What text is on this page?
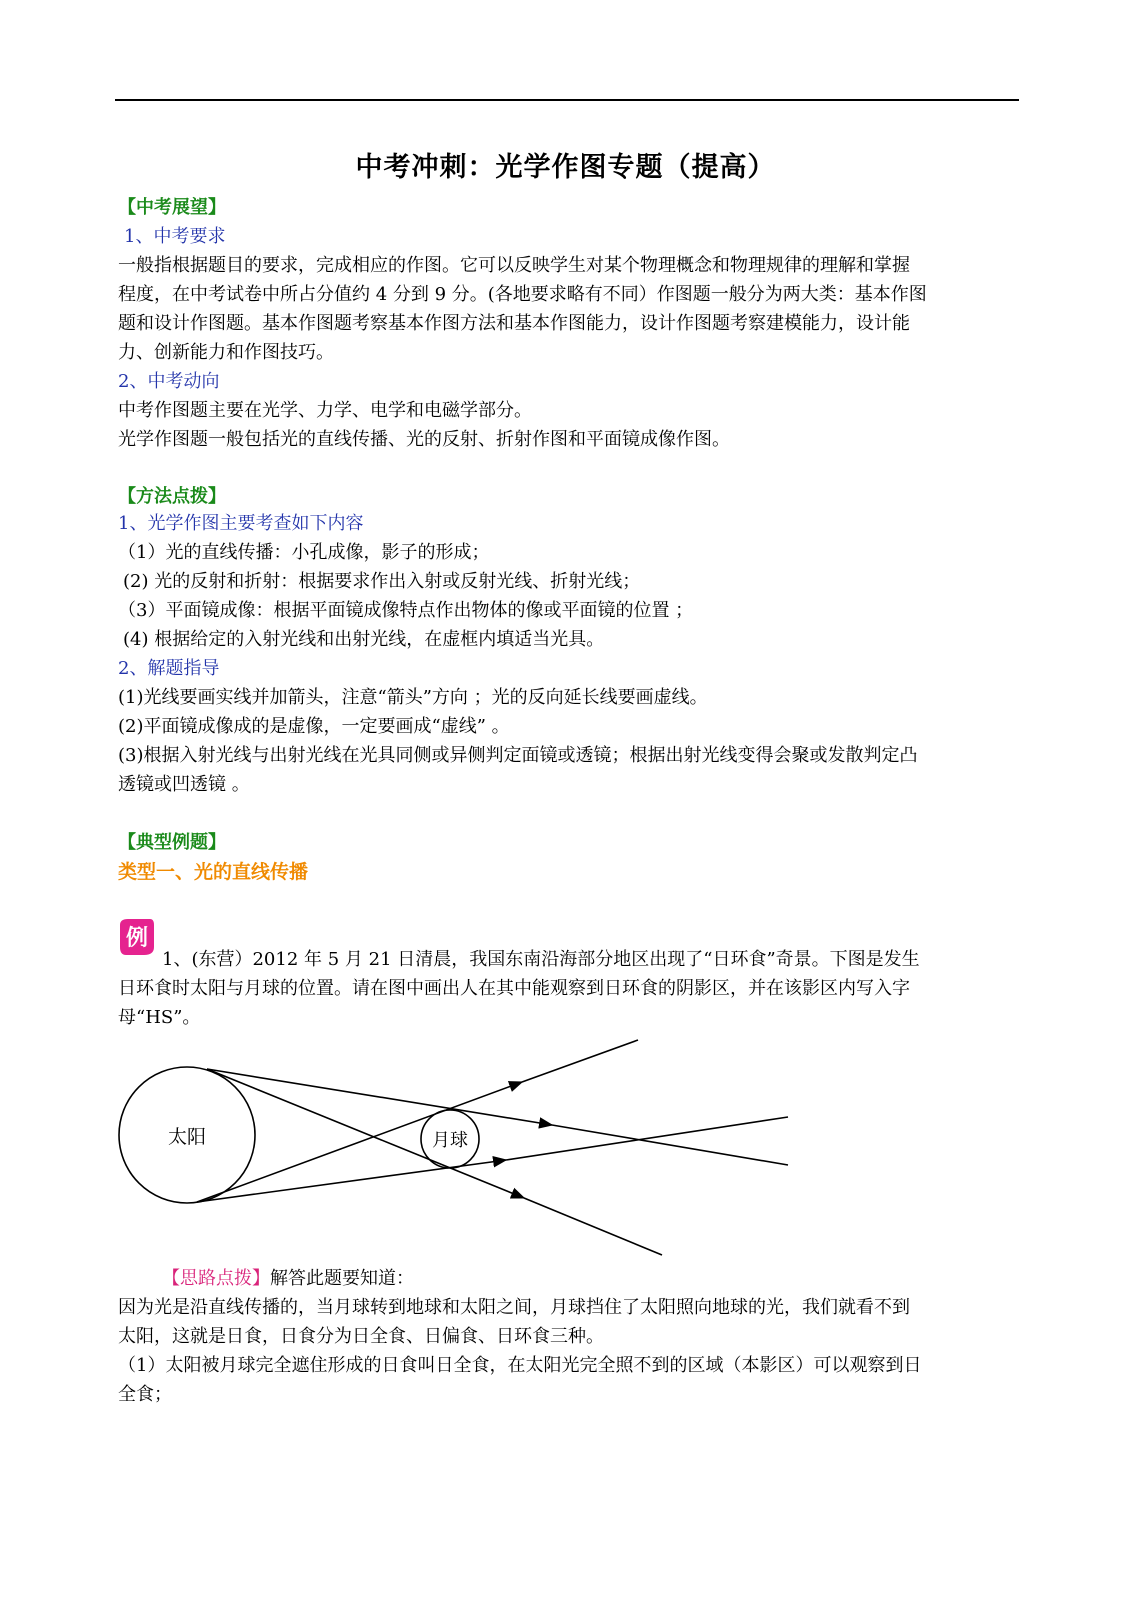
中考冲刺：光学作图专题（提高）
【中考展望】
1、中考要求
一般指根据题目的要求，完成相应的作图。它可以反映学生对某个物理概念和物理规律的理解和掌握
程度，在中考试卷中所占分值约 4 分到 9 分。(各地要求略有不同）作图题一般分为两大类：基本作图
题和设计作图题。基本作图题考察基本作图方法和基本作图能力，设计作图题考察建模能力，设计能
力、创新能力和作图技巧。
2、中考动向
中考作图题主要在光学、力学、电学和电磁学部分。
光学作图题一般包括光的直线传播、光的反射、折射作图和平面镜成像作图。
【方法点拨】
1、光学作图主要考查如下内容
（1）光的直线传播：小孔成像，影子的形成；
(2) 光的反射和折射：根据要求作出入射或反射光线、折射光线；
（3）平面镜成像：根据平面镜成像特点作出物体的像或平面镜的位置 ；
(4) 根据给定的入射光线和出射光线，在虚框内填适当光具。
2、解题指导
(1)光线要画实线并加箭头，注意“箭头”方向 ；光的反向延长线要画虚线。
(2)平面镜成像成的是虚像，一定要画成“虚线” 。
(3)根据入射光线与出射光线在光具同侧或异侧判定面镜或透镜；根据出射光线变得会聚或发散判定凸
透镜或凹透镜 。
【典型例题】
类型一、光的直线传播
例
1、(东营）2012 年 5 月 21 日清晨，我国东南沿海部分地区出现了“日环食”奇景。下图是发生
日环食时太阳与月球的位置。请在图中画出人在其中能观察到日环食的阴影区，并在该影区内写入字
母“HS”。
太阳	月球
【思路点拨】解答此题要知道：
因为光是沿直线传播的，当月球转到地球和太阳之间，月球挡住了太阳照向地球的光，我们就看不到
太阳，这就是日食，日食分为日全食、日偏食、日环食三种。
（1）太阳被月球完全遮住形成的日食叫日全食，在太阳光完全照不到的区域（本影区）可以观察到日
全食；
